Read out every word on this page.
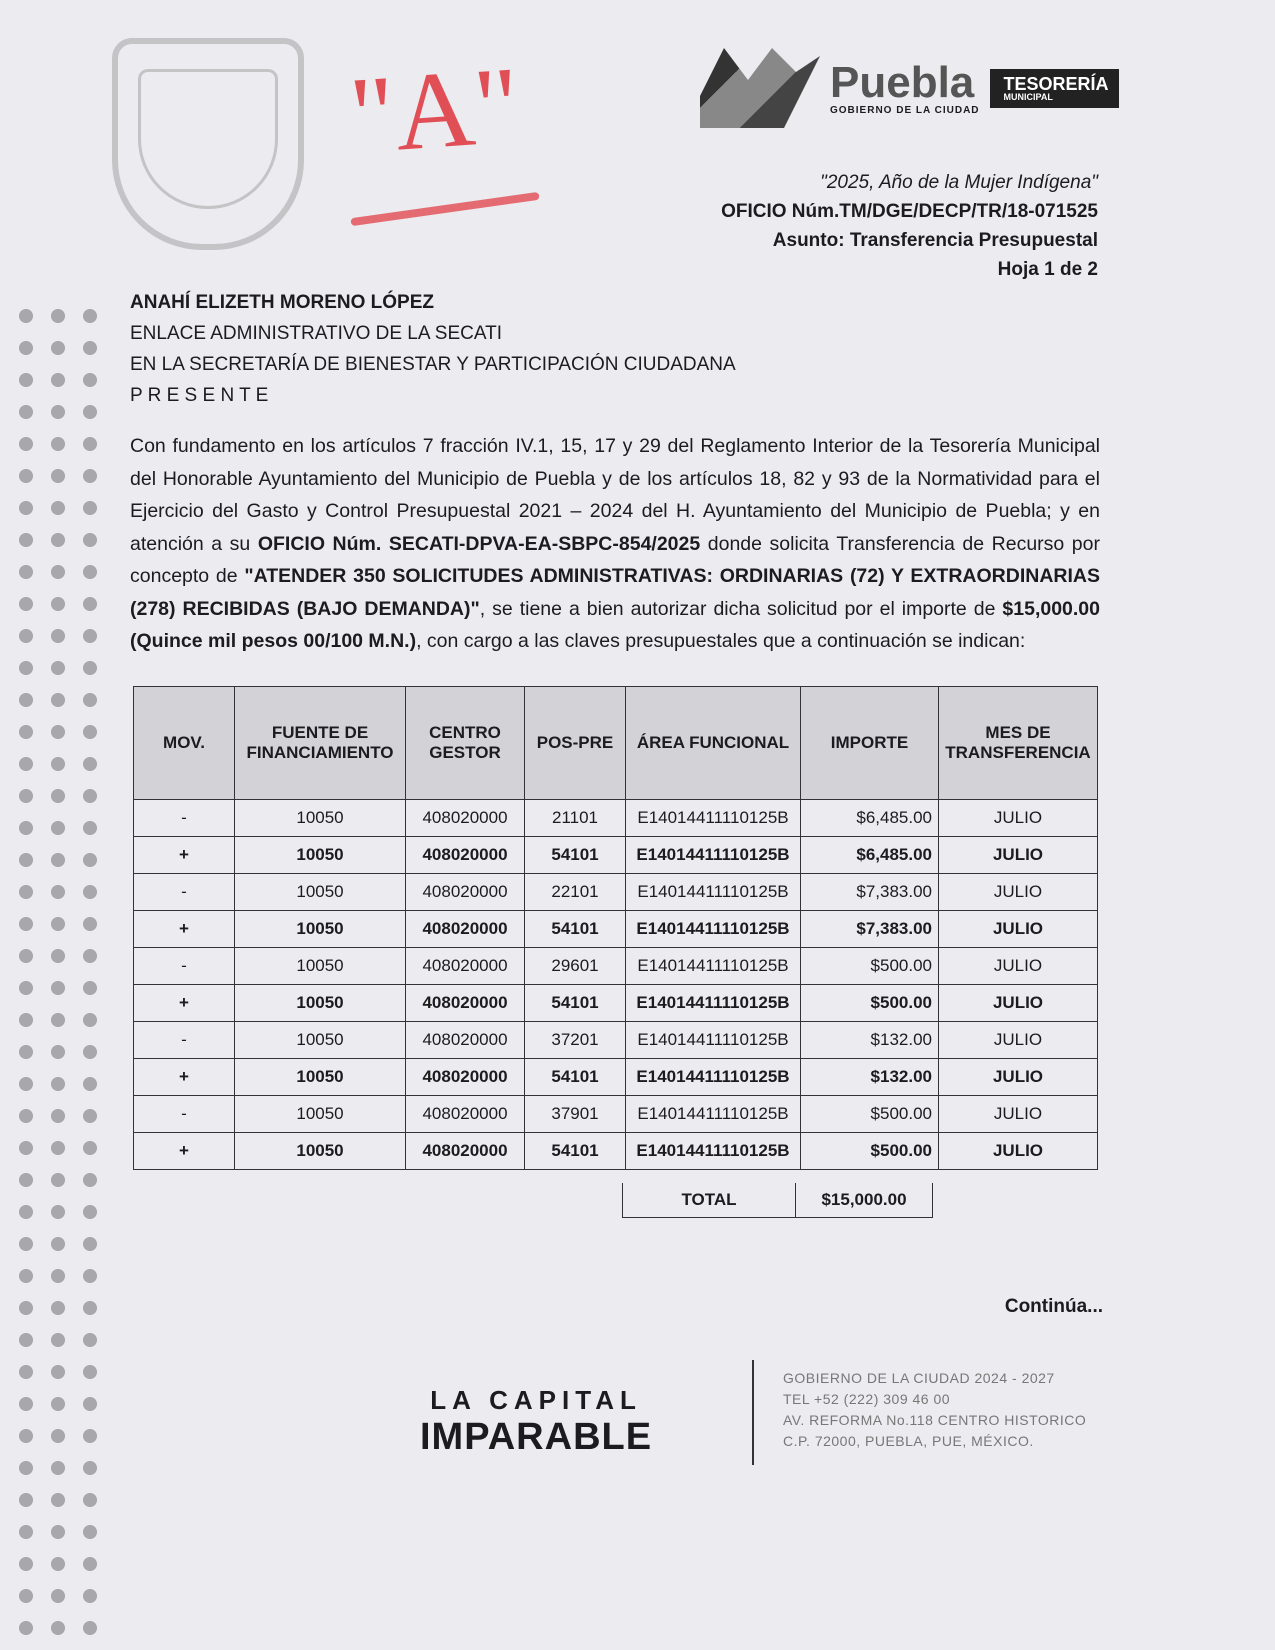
"A"	Puebla
GOBIERNO DE LA CIUDAD
TESORERÍA
MUNICIPAL
"2025, Año de la Mujer Indígena"
OFICIO Núm.TM/DGE/DECP/TR/18-071525
Asunto: Transferencia Presupuestal
Hoja 1 de 2
ANAHÍ ELIZETH MORENO LÓPEZ
ENLACE ADMINISTRATIVO DE LA SECATI
EN LA SECRETARÍA DE BIENESTAR Y PARTICIPACIÓN CIUDADANA
P R E S E N T E
Con fundamento en los artículos 7 fracción IV.1, 15, 17 y 29 del Reglamento Interior de la Tesorería Municipal del Honorable Ayuntamiento del Municipio de Puebla y de los artículos 18, 82 y 93 de la Normatividad para el Ejercicio del Gasto y Control Presupuestal 2021 – 2024 del H. Ayuntamiento del Municipio de Puebla; y en atención a su OFICIO Núm. SECATI-DPVA-EA-SBPC-854/2025 donde solicita Transferencia de Recurso por concepto de "ATENDER 350 SOLICITUDES ADMINISTRATIVAS: ORDINARIAS (72) Y EXTRAORDINARIAS (278) RECIBIDAS (BAJO DEMANDA)", se tiene a bien autorizar dicha solicitud por el importe de $15,000.00 (Quince mil pesos 00/100 M.N.), con cargo a las claves presupuestales que a continuación se indican:
MOV.	FUENTE DE FINANCIAMIENTO	CENTRO GESTOR	POS-PRE	ÁREA FUNCIONAL	IMPORTE	MES DE TRANSFERENCIA
-	10050	408020000	21101	E14014411110125B	$6,485.00	JULIO
+	10050	408020000	54101	E14014411110125B	$6,485.00	JULIO
-	10050	408020000	22101	E14014411110125B	$7,383.00	JULIO
+	10050	408020000	54101	E14014411110125B	$7,383.00	JULIO
-	10050	408020000	29601	E14014411110125B	$500.00	JULIO
+	10050	408020000	54101	E14014411110125B	$500.00	JULIO
-	10050	408020000	37201	E14014411110125B	$132.00	JULIO
+	10050	408020000	54101	E14014411110125B	$132.00	JULIO
-	10050	408020000	37901	E14014411110125B	$500.00	JULIO
+	10050	408020000	54101	E14014411110125B	$500.00	JULIO
TOTAL	$15,000.00
Continúa...
LA CAPITAL
IMPARABLE
GOBIERNO DE LA CIUDAD 2024 - 2027
TEL +52 (222) 309 46 00
AV. REFORMA No.118 CENTRO HISTORICO
C.P. 72000, PUEBLA, PUE, MÉXICO.
